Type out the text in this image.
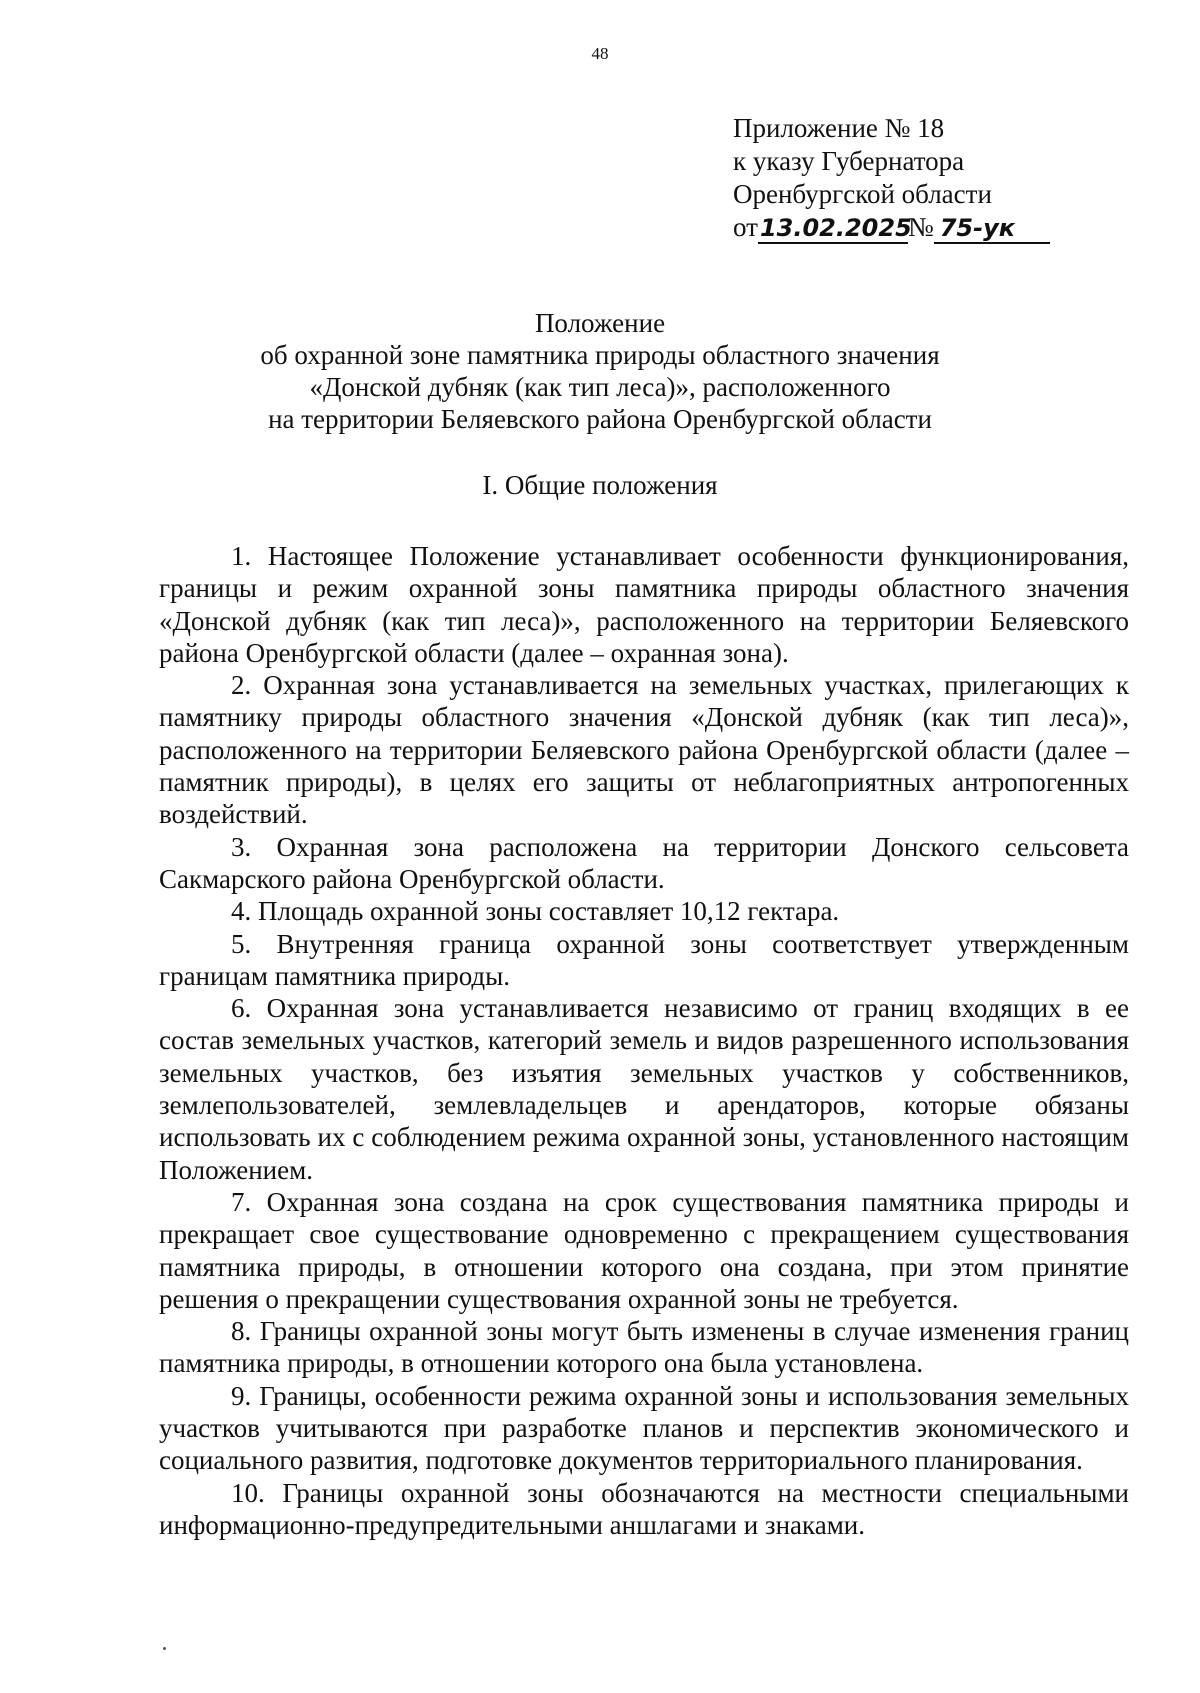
48
Приложение № 18
к указу Губернатора
Оренбургской области
от13.02.2025№ 75-ук
Положение
об охранной зоне памятника природы областного значения
«Донской дубняк (как тип леса)», расположенного
на территории Беляевского района Оренбургской области
I. Общие положения

1. Настоящее Положение устанавливает особенности функционирования, границы и режим охранной зоны памятника природы областного значения «Донской дубняк (как тип леса)», расположенного на территории Беляевского района Оренбургской области (далее – охранная зона).

2. Охранная зона устанавливается на земельных участках, прилегающих к памятнику природы областного значения «Донской дубняк (как тип леса)», расположенного на территории Беляевского района Оренбургской области (далее – памятник природы), в целях его защиты от неблагоприятных антропогенных воздействий.

3. Охранная зона расположена на территории Донского сельсовета Сакмарского района Оренбургской области.

4. Площадь охранной зоны составляет 10,12 гектара.

5. Внутренняя граница охранной зоны соответствует утвержденным границам памятника природы.

6. Охранная зона устанавливается независимо от границ входящих в ее состав земельных участков, категорий земель и видов разрешенного использования земельных участков, без изъятия земельных участков у собственников, землепользователей, землевладельцев и арендаторов, которые обязаны использовать их с соблюдением режима охранной зоны, установленного настоящим Положением.

7. Охранная зона создана на срок существования памятника природы и прекращает свое существование одновременно с прекращением существования памятника природы, в отношении которого она создана, при этом принятие решения о прекращении существования охранной зоны не требуется.

8. Границы охранной зоны могут быть изменены в случае изменения границ памятника природы, в отношении которого она была установлена.

9. Границы, особенности режима охранной зоны и использования земельных участков учитываются при разработке планов и перспектив экономического и социального развития, подготовке документов территориального планирования.

10. Границы охранной зоны обозначаются на местности специальными информационно-предупредительными аншлагами и знаками.
